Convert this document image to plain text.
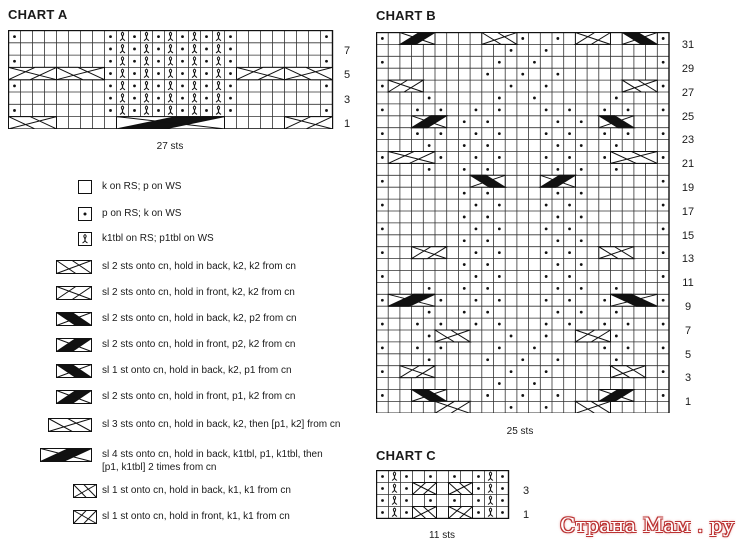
CHART A
7
5
3
1
27 sts
k on RS; p on WS
p on RS; k on WS
k1tbl on RS; p1tbl on WS
sl 2 sts onto cn, hold in back, k2, k2 from cn
sl 2 sts onto cn, hold in front, k2, k2 from cn
sl 2 sts onto cn, hold in back, k2, p2 from cn
sl 2 sts onto cn, hold in front, p2, k2 from cn
sl 1 st onto cn, hold in back, k2, p1 from cn
sl 2 sts onto cn, hold in front, p1, k2 from cn
sl 3 sts onto cn, hold in back, k2, then [p1, k2] from cn
sl 4 sts onto cn, hold in back, k1tbl, p1, k1tbl, then [p1, k1tbl] 2 times from cn
sl 1 st onto cn, hold in back, k1, k1 from cn
sl 1 st onto cn, hold in front, k1, k1 from cn
CHART B
31
29
27
25
23
21
19
17
15
13
11
9
7
5
3
1
25 sts
CHART C
3
1
11 sts	Страна Мам . ру
